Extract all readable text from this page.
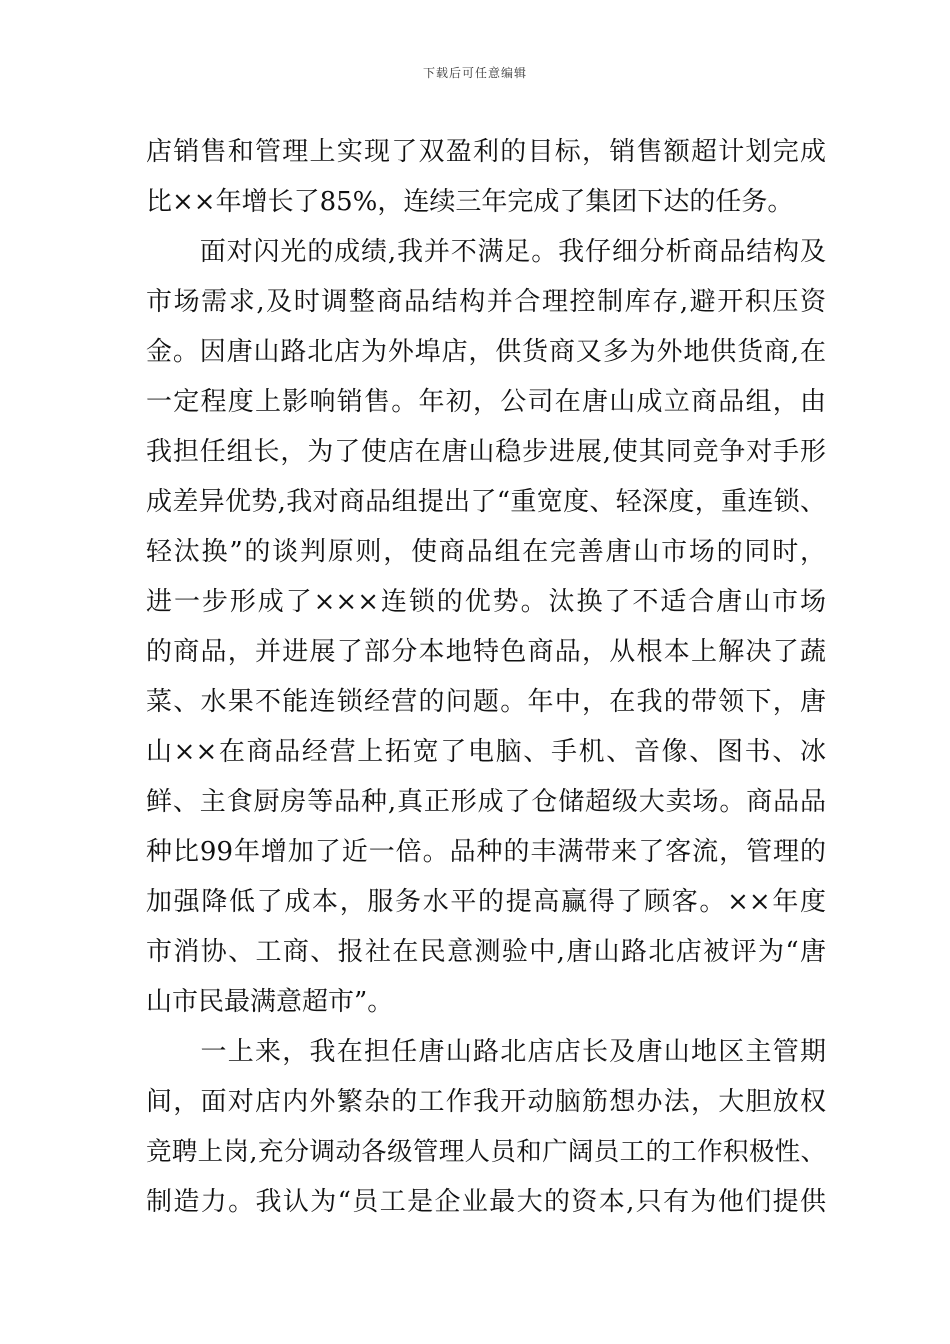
下载后可任意编辑
店销售和管理上实现了双盈利的目标，销售额超计划完成
比××年增长了85%，连续三年完成了集团下达的任务。
　　面对闪光的成绩,我并不满足。我仔细分析商品结构及
市场需求,及时调整商品结构并合理控制库存,避开积压资
金。因唐山路北店为外埠店，供货商又多为外地供货商,在
一定程度上影响销售。年初，公司在唐山成立商品组，由
我担任组长，为了使店在唐山稳步进展,使其同竞争对手形
成差异优势,我对商品组提出了“重宽度、轻深度，重连锁、
轻汰换”的谈判原则，使商品组在完善唐山市场的同时，
进一步形成了×××连锁的优势。汰换了不适合唐山市场
的商品，并进展了部分本地特色商品，从根本上解决了蔬
菜、水果不能连锁经营的问题。年中，在我的带领下，唐
山××在商品经营上拓宽了电脑、手机、音像、图书、冰
鲜、主食厨房等品种,真正形成了仓储超级大卖场。商品品
种比99年增加了近一倍。品种的丰满带来了客流，管理的
加强降低了成本，服务水平的提高赢得了顾客。××年度
市消协、工商、报社在民意测验中,唐山路北店被评为“唐
山市民最满意超市”。
　　一上来，我在担任唐山路北店店长及唐山地区主管期
间，面对店内外繁杂的工作我开动脑筋想办法，大胆放权
竞聘上岗,充分调动各级管理人员和广阔员工的工作积极性、
制造力。我认为“员工是企业最大的资本,只有为他们提供
